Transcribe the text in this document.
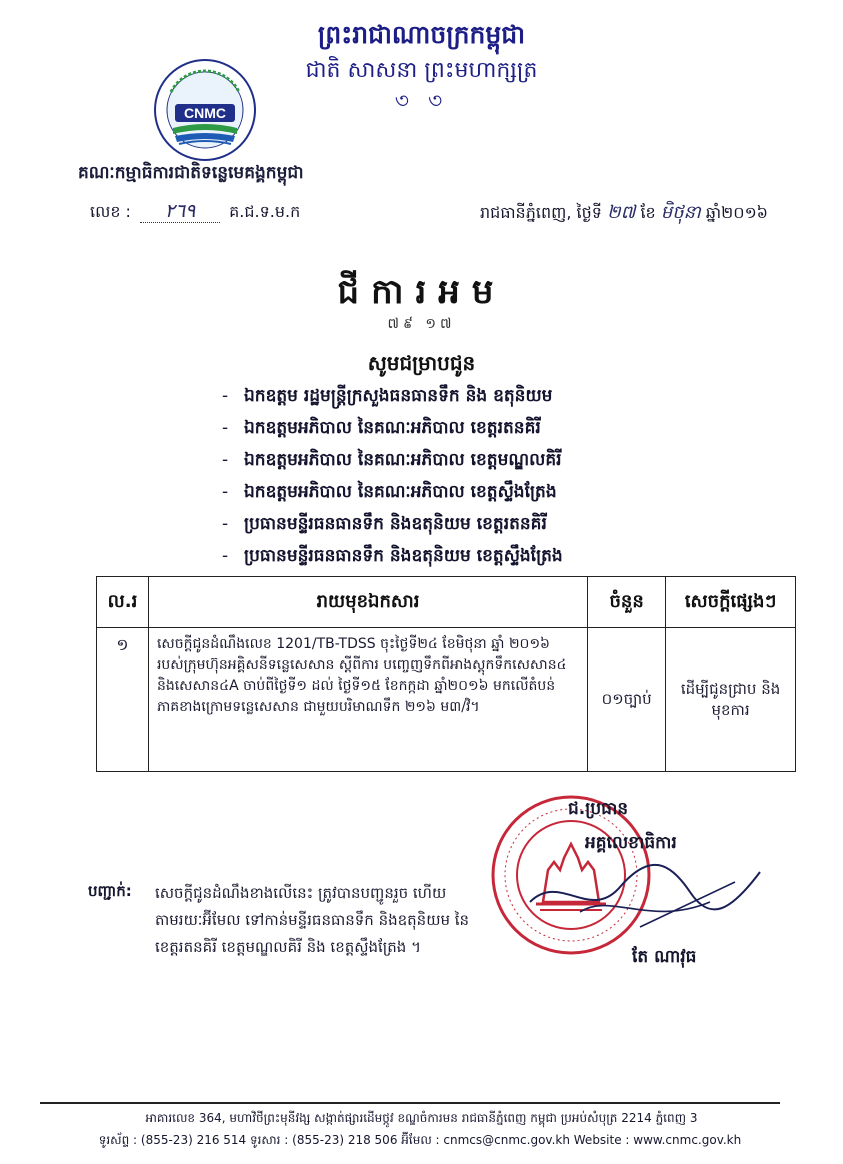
ព្រះរាជាណាចក្រកម្ពុជា
ជាតិ សាសនា ព្រះមហាក្សត្រ
৩ ৩
CNMC
គណៈកម្មាធិការជាតិទន្លេមេគង្គកម្ពុជា
លេខ : ٢٦٩ គ.ជ.ទ.ម.ក	រាជធានីភ្នំពេញ, ថ្ងៃទី ២៧ ខែ មិថុនា ឆ្នាំ២០១៦
ជីការអម
៧៩ ១៧
សូមជម្រាបជូន
- ឯកឧត្តម រដ្ឋមន្ត្រីក្រសួងធនធានទឹក និង ឧតុនិយម
- ឯកឧត្តមអភិបាល នៃគណៈអភិបាល ខេត្តរតនគិរី
- ឯកឧត្តមអភិបាល នៃគណៈអភិបាល ខេត្តមណ្ឌលគិរី
- ឯកឧត្តមអភិបាល នៃគណៈអភិបាល ខេត្តស្ទឹងត្រែង
- ប្រធានមន្ទីរធនធានទឹក និងឧតុនិយម ខេត្តរតនគិរី
- ប្រធានមន្ទីរធនធានទឹក និងឧតុនិយម ខេត្តស្ទឹងត្រែង
ល.រ	រាយមុខឯកសារ	ចំនួន	សេចក្តីផ្សេងៗ
១	សេចក្តីជូនដំណឹងលេខ 1201/TB-TDSS ចុះថ្ងៃទី២៤ ខែមិថុនា ឆ្នាំ ២០១៦ របស់ក្រុមហ៊ុនអគ្គិសនីទន្លេសេសាន ស្តីពីការ បញ្ចេញទឹកពីអាងស្តុកទឹកសេសាន៤ និងសេសាន៤A ចាប់ពីថ្ងៃទី១ ដល់ ថ្ងៃទី១៥ ខែកក្កដា ឆ្នាំ២០១៦ មកលើតំបន់ ភាគខាងក្រោមទន្លេសេសាន ជាមួយបរិមាណទឹក ២១៦ ម៣/វិ។	០១ច្បាប់	ដើម្បីជូនជ្រាប និងមុខការ
បញ្ជាក់: សេចក្តីជូនដំណឹងខាងលើនេះ ត្រូវបានបញ្ជូនរួច ហើយ តាមរយៈអ៊ីមែល ទៅកាន់មន្ទីរធនធានទឹក និងឧតុនិយម នៃខេត្តរតនគិរី ខេត្តមណ្ឌលគិរី និង ខេត្តស្ទឹងត្រែង ។
ជ.ប្រធាន
អគ្គលេខាធិការ
តែ ណាវុធ
អាគារលេខ 364, មហាវិថីព្រះមុនីវង្ស សង្កាត់ផ្សារដើមថ្កូវ ខណ្ឌចំការមន រាជធានីភ្នំពេញ កម្ពុជា ប្រអប់សំបុត្រ 2214 ភ្នំពេញ 3
ទូរស័ព្ទ : (855-23) 216 514 ទូរសារ : (855-23) 218 506 អ៊ីមែល : cnmcs@cnmc.gov.kh Website : www.cnmc.gov.kh
